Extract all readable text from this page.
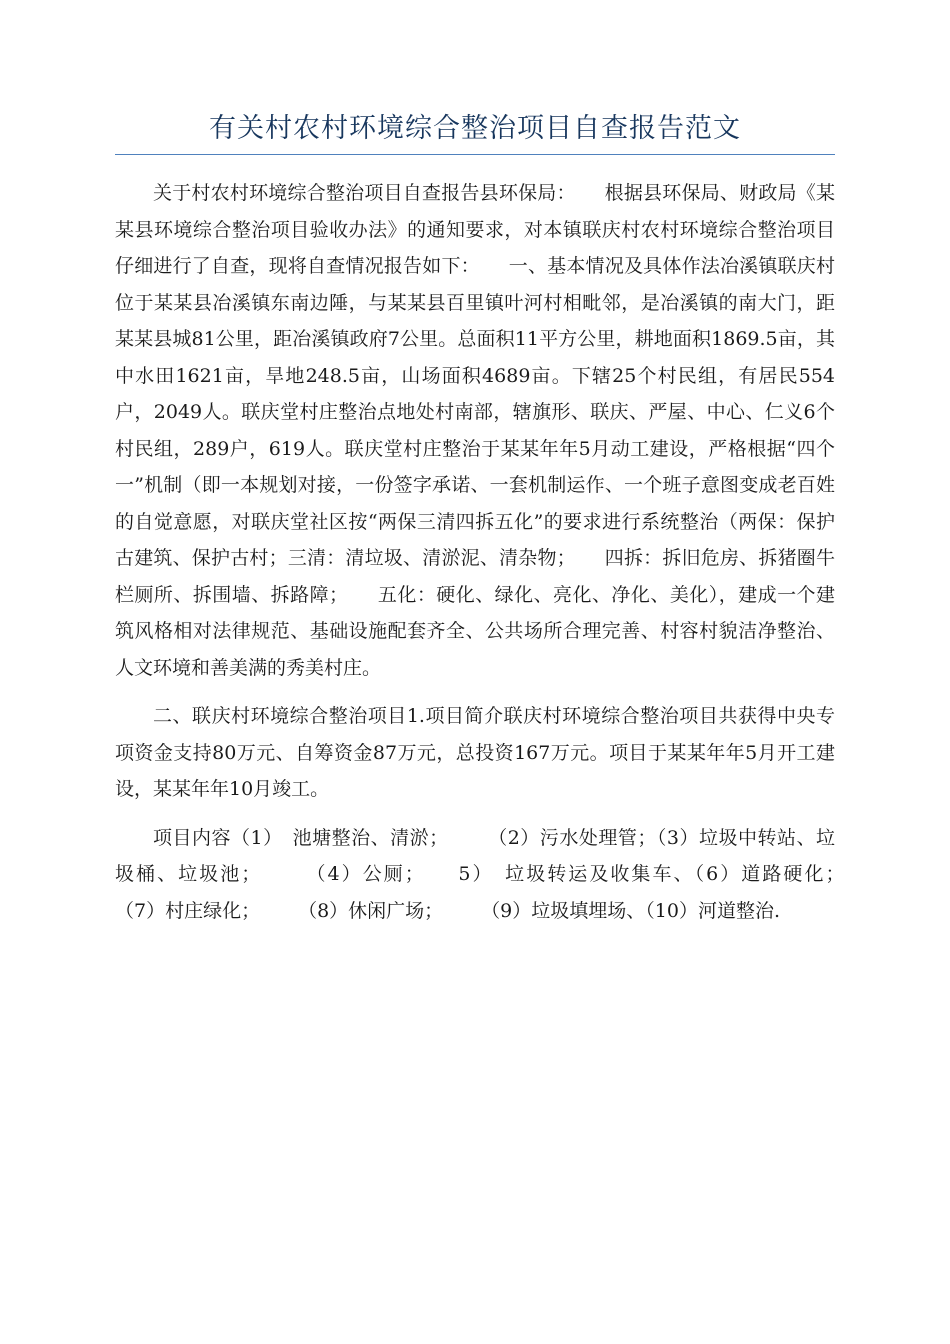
有关村农村环境综合整治项目自查报告范文

关于村农村环境综合整治项目自查报告县环保局：　　根据县环保局、财政局《某某县环境综合整治项目验收办法》的通知要求，对本镇联庆村农村环境综合整治项目仔细进行了自查，现将自查情况报告如下：　　一、基本情况及具体作法冶溪镇联庆村位于某某县冶溪镇东南边陲，与某某县百里镇叶河村相毗邻，是冶溪镇的南大门，距某某县城81公里，距冶溪镇政府7公里。总面积11平方公里，耕地面积1869.5亩，其中水田1621亩，旱地248.5亩，山场面积4689亩。下辖25个村民组，有居民554户，2049人。联庆堂村庄整治点地处村南部，辖旗形、联庆、严屋、中心、仁义6个村民组，289户，619人。联庆堂村庄整治于某某年年5月动工建设，严格根据“四个一”机制（即一本规划对接，一份签字承诺、一套机制运作、一个班子意图变成老百姓的自觉意愿，对联庆堂社区按“两保三清四拆五化”的要求进行系统整治（两保：保护古建筑、保护古村；三清：清垃圾、清淤泥、清杂物；　　四拆：拆旧危房、拆猪圈牛栏厕所、拆围墙、拆路障；　　五化：硬化、绿化、亮化、净化、美化），建成一个建筑风格相对法律规范、基础设施配套齐全、公共场所合理完善、村容村貌洁净整治、人文环境和善美满的秀美村庄。

二、联庆村环境综合整治项目1.项目简介联庆村环境综合整治项目共获得中央专项资金支持80万元、自筹资金87万元，总投资167万元。项目于某某年年5月开工建设，某某年年10月竣工。

项目内容（1）　池塘整治、清淤；　　　（2）污水处理管；（3）垃圾中转站、垃圾桶、垃圾池；　　　（4）公厕；　　5）　垃圾转运及收集车、（6）道路硬化；　　　（7）村庄绿化；　　　（8）休闲广场；　　　（9）垃圾填埋场、（10）河道整治.
